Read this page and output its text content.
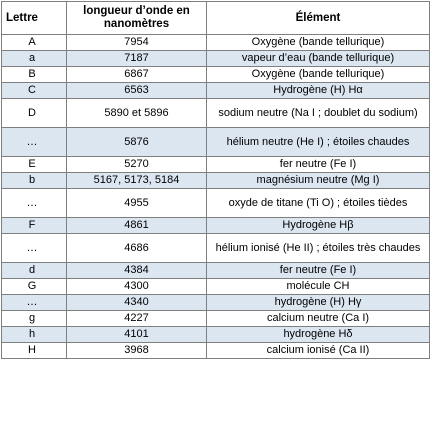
Lettre	longueur d’onde en nanomètres	Élément
A	7954	Oxygène (bande tellurique)
a	7187	vapeur d’eau (bande tellurique)
B	6867	Oxygène (bande tellurique)
C	6563	Hydrogène (H) Hα
D	5890 et 5896	sodium neutre (Na I ; doublet du sodium)
…	5876	hélium neutre (He I) ; étoiles chaudes
E	5270	fer neutre (Fe I)
b	5167, 5173, 5184	magnésium neutre (Mg I)
…	4955	oxyde de titane (Ti O) ; étoiles tièdes
F	4861	Hydrogène Hβ
…	4686	hélium ionisé (He II) ; étoiles très chaudes
d	4384	fer neutre (Fe I)
G	4300	molécule CH
…	4340	hydrogène (H) Hγ
g	4227	calcium neutre (Ca I)
h	4101	hydrogène Hδ
H	3968	calcium ionisé (Ca II)
